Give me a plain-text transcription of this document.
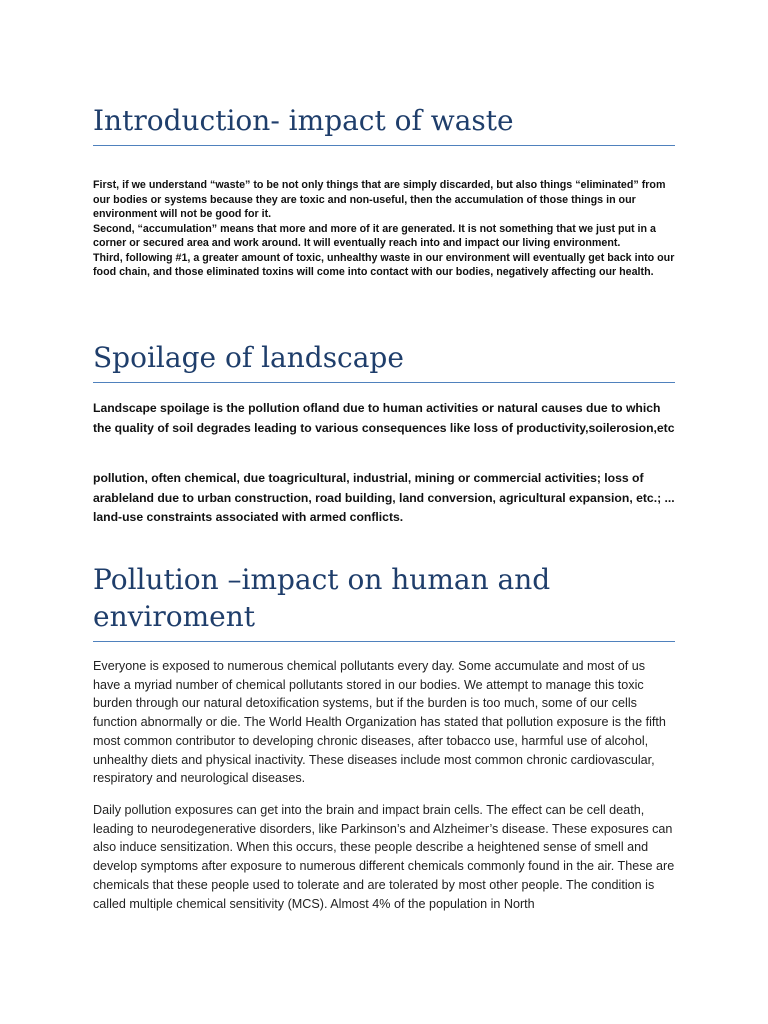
Introduction- impact of waste

First, if we understand “waste” to be not only things that are simply discarded, but also things “eliminated” from our bodies or systems because they are toxic and non-useful, then the accumulation of those things in our environment will not be good for it.

Second, “accumulation” means that more and more of it are generated. It is not something that we just put in a corner or secured area and work around. It will eventually reach into and impact our living environment.

Third, following #1, a greater amount of toxic, unhealthy waste in our environment will eventually get back into our food chain, and those eliminated toxins will come into contact with our bodies, negatively affecting our health.

Spoilage of landscape

Landscape spoilage is the pollution ofland due to human activities or natural causes due to which the quality of soil degrades leading to various consequences like loss of productivity,soilerosion,etc

pollution, often chemical, due toagricultural, industrial, mining or commercial activities; loss of arableland due to urban construction, road building, land conversion, agricultural expansion, etc.; ... land-use constraints associated with armed conflicts.

Pollution –impact on human and enviroment

Everyone is exposed to numerous chemical pollutants every day. Some accumulate and most of us have a myriad number of chemical pollutants stored in our bodies. We attempt to manage this toxic burden through our natural detoxification systems, but if the burden is too much, some of our cells function abnormally or die. The World Health Organization has stated that pollution exposure is the fifth most common contributor to developing chronic diseases, after tobacco use, harmful use of alcohol, unhealthy diets and physical inactivity. These diseases include most common chronic cardiovascular, respiratory and neurological diseases.

Daily pollution exposures can get into the brain and impact brain cells. The effect can be cell death, leading to neurodegenerative disorders, like Parkinson’s and Alzheimer’s disease. These exposures can also induce sensitization. When this occurs, these people describe a heightened sense of smell and develop symptoms after exposure to numerous different chemicals commonly found in the air. These are chemicals that these people used to tolerate and are tolerated by most other people. The condition is called multiple chemical sensitivity (MCS). Almost 4% of the population in North
